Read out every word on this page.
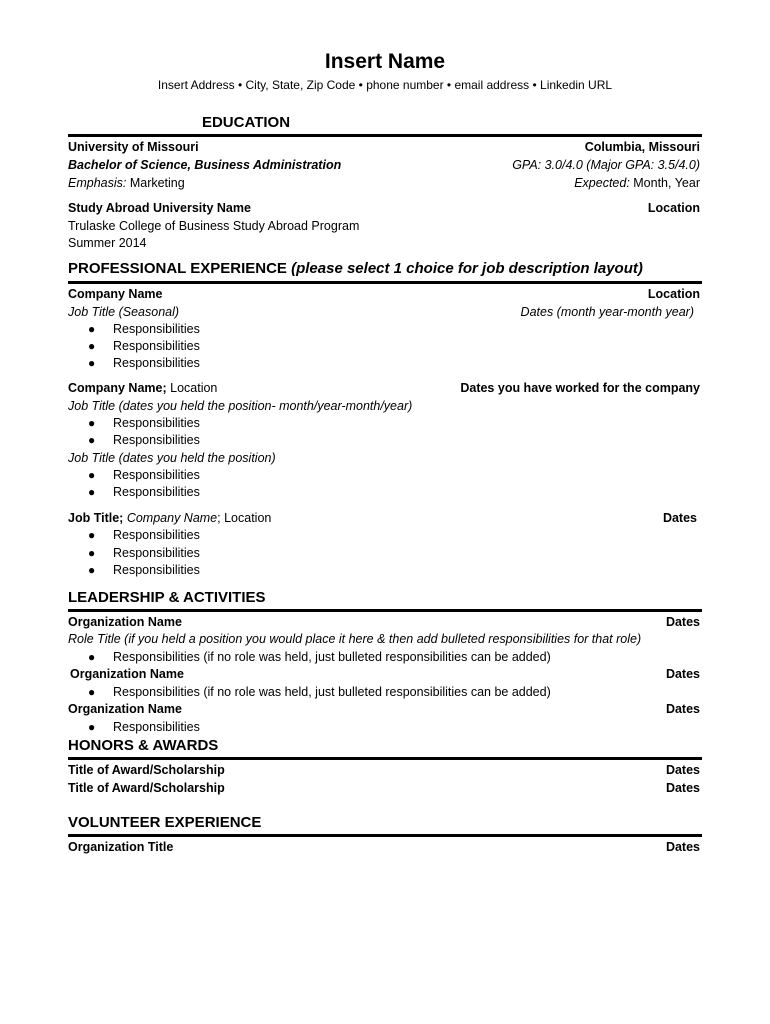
Insert Name
Insert Address • City, State, Zip Code • phone number • email address • Linkedin URL
EDUCATION
University of Missouri	Columbia, Missouri
Bachelor of Science, Business Administration	GPA: 3.0/4.0 (Major GPA: 3.5/4.0)
Emphasis: Marketing	Expected: Month, Year
Study Abroad University Name	Location
Trulaske College of Business Study Abroad Program
Summer 2014
PROFESSIONAL EXPERIENCE (please select 1 choice for job description layout)
Company Name	Location
Job Title (Seasonal)	Dates (month year-month year)
● Responsibilities
● Responsibilities
● Responsibilities
Company Name; Location	Dates you have worked for the company
Job Title (dates you held the position- month/year-month/year)
● Responsibilities
● Responsibilities
Job Title (dates you held the position)
● Responsibilities
● Responsibilities
Job Title; Company Name; Location	Dates
● Responsibilities
● Responsibilities
● Responsibilities
LEADERSHIP & ACTIVITIES
Organization Name	Dates
Role Title (if you held a position you would place it here & then add bulleted responsibilities for that role)
● Responsibilities (if no role was held, just bulleted responsibilities can be added)
Organization Name	Dates
● Responsibilities (if no role was held, just bulleted responsibilities can be added)
Organization Name	Dates
● Responsibilities
HONORS & AWARDS
Title of Award/Scholarship	Dates
Title of Award/Scholarship	Dates
VOLUNTEER EXPERIENCE
Organization Title	Dates
